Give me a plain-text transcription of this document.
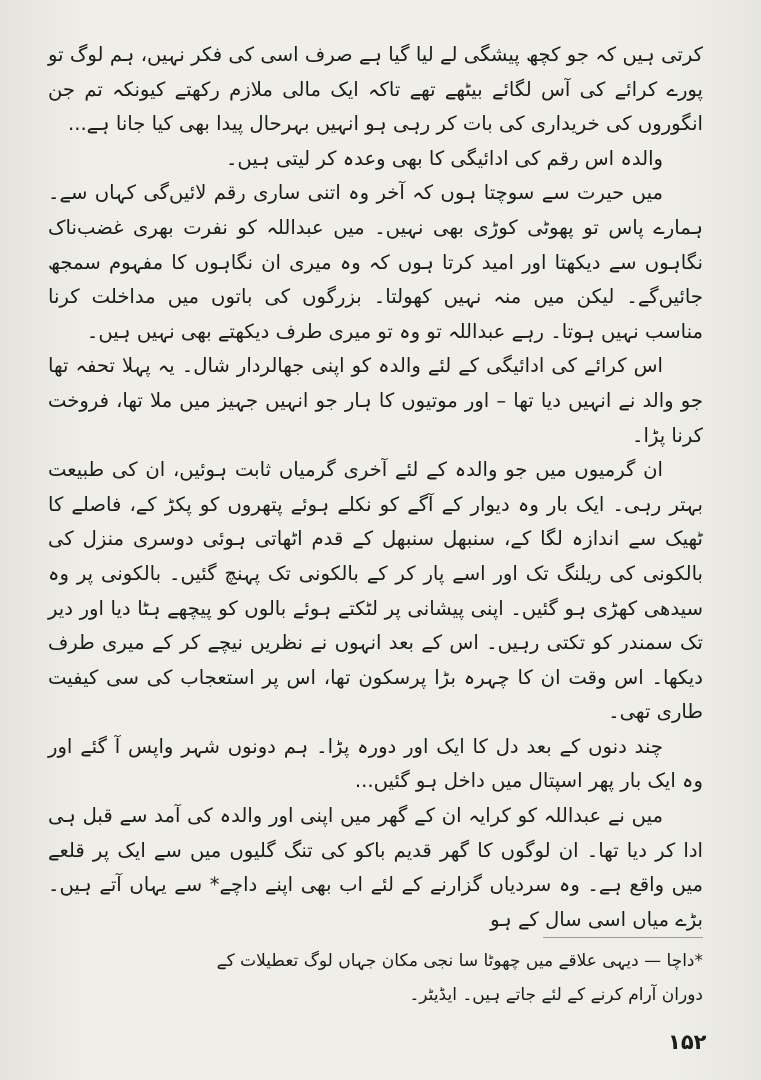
کرتی ہیں کہ جو کچھ پیشگی لے لیا گیا ہے صرف اسی کی فکر نہیں، ہم لوگ تو پورے کرائے کی آس لگائے بیٹھے تھے تاکہ ایک مالی ملازم رکھتے کیونکہ تم جن انگوروں کی خریداری کی بات کر رہی ہو انہیں بہرحال پیدا بھی کیا جانا ہے...

والدہ اس رقم کی ادائیگی کا بھی وعدہ کر لیتی ہیں۔

میں حیرت سے سوچتا ہوں کہ آخر وہ اتنی ساری رقم لائیں‌گی کہاں سے۔ ہمارے پاس تو پھوٹی کوڑی بھی نہیں۔ میں عبداللہ کو نفرت بھری غضب‌ناک نگاہوں سے دیکھتا اور امید کرتا ہوں کہ وہ میری ان نگاہوں کا مفہوم سمجھ جائیں‌گے۔ لیکن میں منہ نہیں کھولتا۔ بزرگوں کی باتوں میں مداخلت کرنا مناسب نہیں ہوتا۔ رہے عبداللہ تو وہ تو میری طرف دیکھتے بھی نہیں ہیں۔

اس کرائے کی ادائیگی کے لئے والدہ کو اپنی جھالردار شال۔ یہ پہلا تحفہ تھا جو والد نے انہیں دیا تھا – اور موتیوں کا ہار جو انہیں جہیز میں ملا تھا، فروخت کرنا پڑا۔

ان گرمیوں میں جو والدہ کے لئے آخری گرمیاں ثابت ہوئیں، ان کی طبیعت بہتر رہی۔ ایک بار وہ دیوار کے آگے کو نکلے ہوئے پتھروں کو پکڑ کے، فاصلے کا ٹھیک سے اندازہ لگا کے، سنبھل سنبھل کے قدم اٹھاتی ہوئی دوسری منزل کی بالکونی کی ریلنگ تک اور اسے پار کر کے بالکونی تک پہنچ گئیں۔ بالکونی پر وہ سیدھی کھڑی ہو گئیں۔ اپنی پیشانی پر لٹکتے ہوئے بالوں کو پیچھے ہٹا دیا اور دیر تک سمندر کو تکتی رہیں۔ اس کے بعد انہوں نے نظریں نیچے کر کے میری طرف دیکھا۔ اس وقت ان کا چہرہ بڑا پرسکون تھا، اس پر استعجاب کی سی کیفیت طاری تھی۔

چند دنوں کے بعد دل کا ایک اور دورہ پڑا۔ ہم دونوں شہر واپس آ گئے اور وہ ایک بار پھر اسپتال میں داخل ہو گئیں...

میں نے عبداللہ کو کرایہ ان کے گھر میں اپنی اور والدہ کی آمد سے قبل ہی ادا کر دیا تھا۔ ان لوگوں کا گھر قدیم باکو کی تنگ گلیوں میں سے ایک پر قلعے میں واقع ہے۔ وہ سردیاں گزارنے کے لئے اب بھی اپنے داچے* سے یہاں آتے ہیں۔ بڑے میاں اسی سال کے ہو

*داچا — دیہی علاقے میں چھوٹا سا نجی مکان جہاں لوگ تعطیلات کے

دوران آرام کرنے کے لئے جاتے ہیں۔ ایڈیٹر۔

۱۵۲
